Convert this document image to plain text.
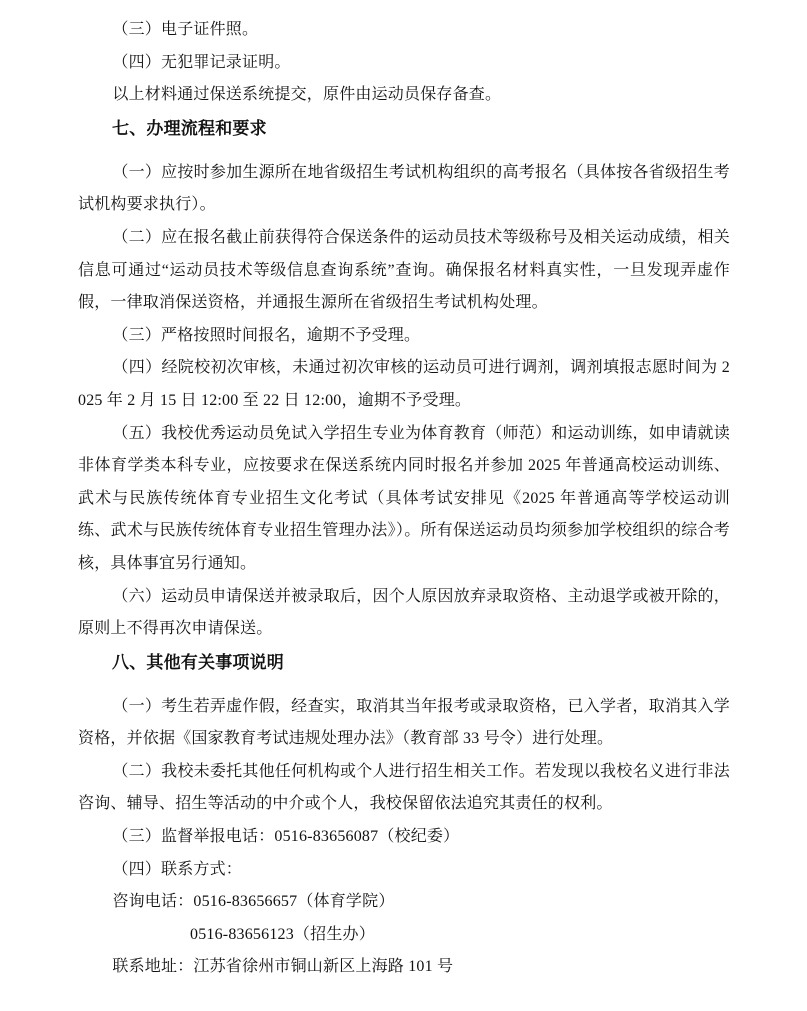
（三）电子证件照。

（四）无犯罪记录证明。

以上材料通过保送系统提交，原件由运动员保存备查。

七、办理流程和要求

（一）应按时参加生源所在地省级招生考试机构组织的高考报名（具体按各省级招生考试机构要求执行）。

（二）应在报名截止前获得符合保送条件的运动员技术等级称号及相关运动成绩，相关信息可通过“运动员技术等级信息查询系统”查询。确保报名材料真实性，一旦发现弄虚作假，一律取消保送资格，并通报生源所在省级招生考试机构处理。

（三）严格按照时间报名，逾期不予受理。

（四）经院校初次审核，未通过初次审核的运动员可进行调剂，调剂填报志愿时间为 2025 年 2 月 15 日 12:00 至 22 日 12:00，逾期不予受理。

（五）我校优秀运动员免试入学招生专业为体育教育（师范）和运动训练，如申请就读非体育学类本科专业，应按要求在保送系统内同时报名并参加 2025 年普通高校运动训练、武术与民族传统体育专业招生文化考试（具体考试安排见《2025 年普通高等学校运动训练、武术与民族传统体育专业招生管理办法》）。所有保送运动员均须参加学校组织的综合考核，具体事宜另行通知。

（六）运动员申请保送并被录取后，因个人原因放弃录取资格、主动退学或被开除的，原则上不得再次申请保送。

八、其他有关事项说明

（一）考生若弄虚作假，经查实，取消其当年报考或录取资格，已入学者，取消其入学资格，并依据《国家教育考试违规处理办法》（教育部 33 号令）进行处理。

（二）我校未委托其他任何机构或个人进行招生相关工作。若发现以我校名义进行非法咨询、辅导、招生等活动的中介或个人，我校保留依法追究其责任的权利。

（三）监督举报电话：0516-83656087（校纪委）

（四）联系方式：

咨询电话：0516-83656657（体育学院）

0516-83656123（招生办）

联系地址：江苏省徐州市铜山新区上海路 101 号
